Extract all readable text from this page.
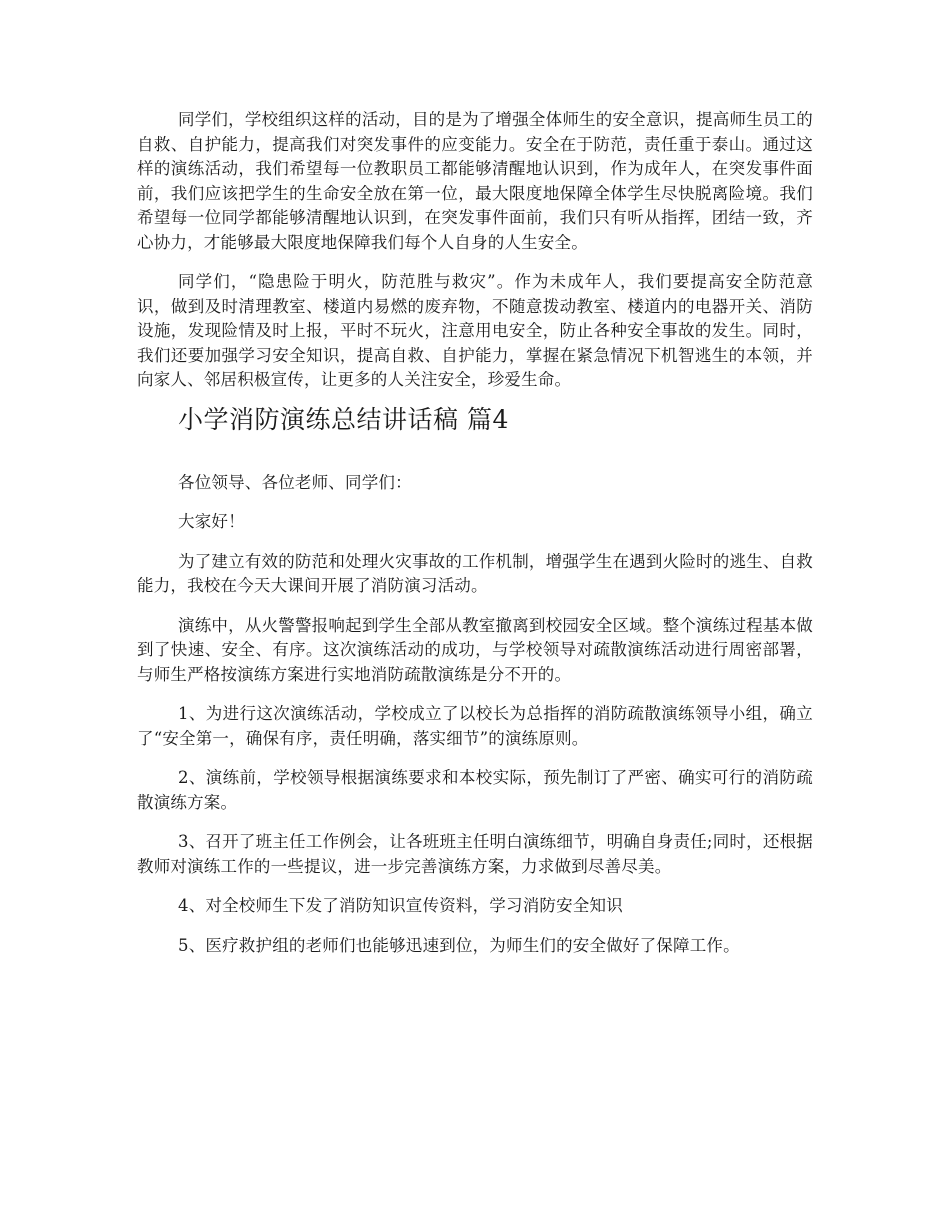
同学们，学校组织这样的活动，目的是为了增强全体师生的安全意识，提高师生员工的自救、自护能力，提高我们对突发事件的应变能力。安全在于防范，责任重于泰山。通过这样的演练活动，我们希望每一位教职员工都能够清醒地认识到，作为成年人，在突发事件面前，我们应该把学生的生命安全放在第一位，最大限度地保障全体学生尽快脱离险境。我们希望每一位同学都能够清醒地认识到，在突发事件面前，我们只有听从指挥，团结一致，齐心协力，才能够最大限度地保障我们每个人自身的人生安全。

同学们，“隐患险于明火，防范胜与救灾”。作为未成年人，我们要提高安全防范意识，做到及时清理教室、楼道内易燃的废弃物，不随意拨动教室、楼道内的电器开关、消防设施，发现险情及时上报，平时不玩火，注意用电安全，防止各种安全事故的发生。同时，我们还要加强学习安全知识，提高自救、自护能力，掌握在紧急情况下机智逃生的本领，并向家人、邻居积极宣传，让更多的人关注安全，珍爱生命。

小学消防演练总结讲话稿 篇4

各位领导、各位老师、同学们：

大家好！

为了建立有效的防范和处理火灾事故的工作机制，增强学生在遇到火险时的逃生、自救能力，我校在今天大课间开展了消防演习活动。

演练中，从火警警报响起到学生全部从教室撤离到校园安全区域。整个演练过程基本做到了快速、安全、有序。这次演练活动的成功，与学校领导对疏散演练活动进行周密部署，与师生严格按演练方案进行实地消防疏散演练是分不开的。

1、为进行这次演练活动，学校成立了以校长为总指挥的消防疏散演练领导小组，确立了“安全第一，确保有序，责任明确，落实细节”的演练原则。

2、演练前，学校领导根据演练要求和本校实际，预先制订了严密、确实可行的消防疏散演练方案。

3、召开了班主任工作例会，让各班班主任明白演练细节，明确自身责任;同时，还根据教师对演练工作的一些提议，进一步完善演练方案，力求做到尽善尽美。

4、对全校师生下发了消防知识宣传资料，学习消防安全知识

5、医疗救护组的老师们也能够迅速到位，为师生们的安全做好了保障工作。
